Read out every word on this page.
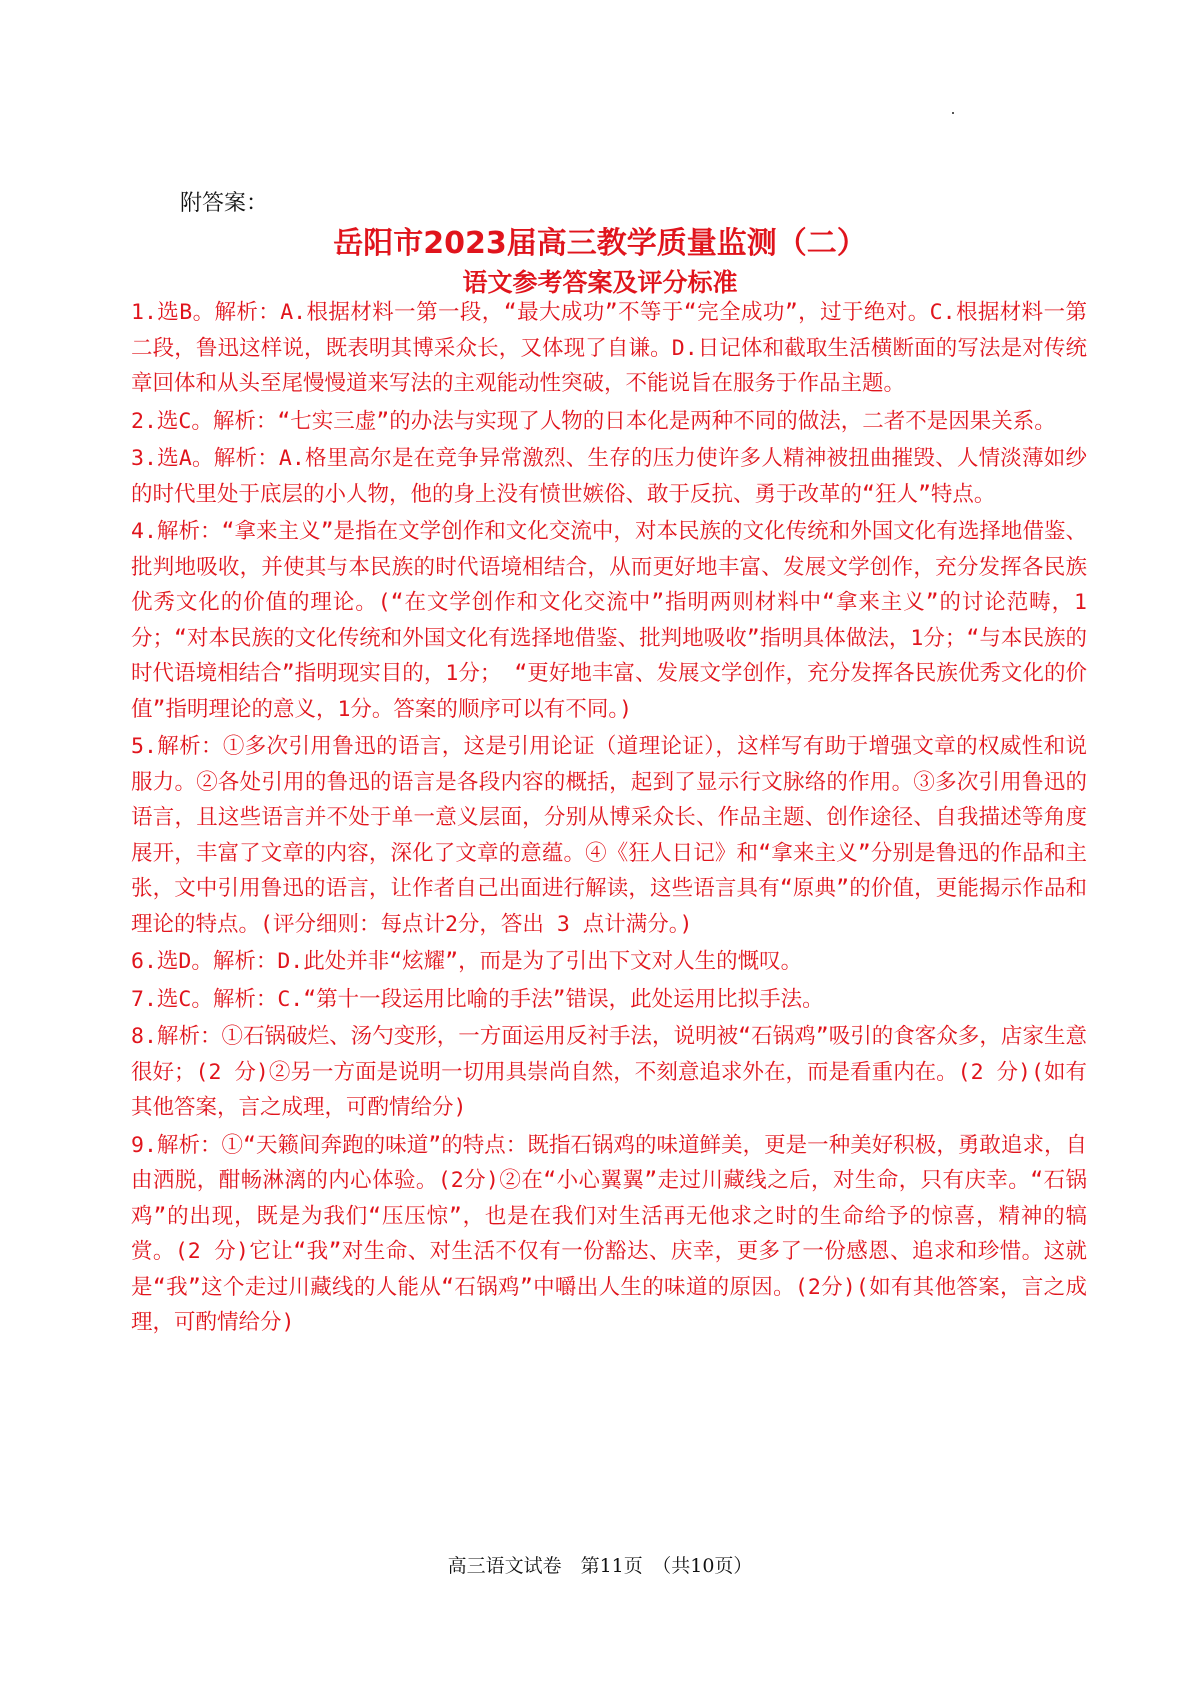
附答案：
岳阳市2023届高三教学质量监测（二）
语文参考答案及评分标准

1.选B。解析：A.根据材料一第一段，“最大成功”不等于“完全成功”，过于绝对。C.根据材料一第二段，鲁迅这样说，既表明其博采众长，又体现了自谦。D.日记体和截取生活横断面的写法是对传统章回体和从头至尾慢慢道来写法的主观能动性突破，不能说旨在服务于作品主题。

2.选C。解析：“七实三虚”的办法与实现了人物的日本化是两种不同的做法，二者不是因果关系。

3.选A。解析：A.格里高尔是在竞争异常激烈、生存的压力使许多人精神被扭曲摧毁、人情淡薄如纱的时代里处于底层的小人物，他的身上没有愤世嫉俗、敢于反抗、勇于改革的“狂人”特点。

4.解析：“拿来主义”是指在文学创作和文化交流中，对本民族的文化传统和外国文化有选择地借鉴、批判地吸收，并使其与本民族的时代语境相结合，从而更好地丰富、发展文学创作，充分发挥各民族优秀文化的价值的理论。(“在文学创作和文化交流中”指明两则材料中“拿来主义”的讨论范畴，1分；“对本民族的文化传统和外国文化有选择地借鉴、批判地吸收”指明具体做法，1分；“与本民族的时代语境相结合”指明现实目的，1分； “更好地丰富、发展文学创作，充分发挥各民族优秀文化的价值”指明理论的意义，1分。答案的顺序可以有不同。)

5.解析：①多次引用鲁迅的语言，这是引用论证（道理论证），这样写有助于增强文章的权威性和说服力。②各处引用的鲁迅的语言是各段内容的概括，起到了显示行文脉络的作用。③多次引用鲁迅的语言，且这些语言并不处于单一意义层面，分别从博采众长、作品主题、创作途径、自我描述等角度展开，丰富了文章的内容，深化了文章的意蕴。④《狂人日记》和“拿来主义”分别是鲁迅的作品和主张，文中引用鲁迅的语言，让作者自己出面进行解读，这些语言具有“原典”的价值，更能揭示作品和理论的特点。(评分细则：每点计2分，答出 3 点计满分。)

6.选D。解析：D.此处并非“炫耀”，而是为了引出下文对人生的慨叹。

7.选C。解析：C.“第十一段运用比喻的手法”错误，此处运用比拟手法。

8.解析：①石锅破烂、汤勺变形，一方面运用反衬手法，说明被“石锅鸡”吸引的食客众多，店家生意很好；(2 分)②另一方面是说明一切用具崇尚自然，不刻意追求外在，而是看重内在。(2 分)(如有其他答案，言之成理，可酌情给分)

9.解析：①“天籁间奔跑的味道”的特点：既指石锅鸡的味道鲜美，更是一种美好积极，勇敢追求，自由洒脱，酣畅淋漓的内心体验。(2分)②在“小心翼翼”走过川藏线之后，对生命，只有庆幸。“石锅鸡”的出现，既是为我们“压压惊”，也是在我们对生活再无他求之时的生命给予的惊喜，精神的犒赏。(2 分)它让“我”对生命、对生活不仅有一份豁达、庆幸，更多了一份感恩、追求和珍惜。这就是“我”这个走过川藏线的人能从“石锅鸡”中嚼出人生的味道的原因。(2分)(如有其他答案，言之成理，可酌情给分)

高三语文试卷　第11页　（共10页）
